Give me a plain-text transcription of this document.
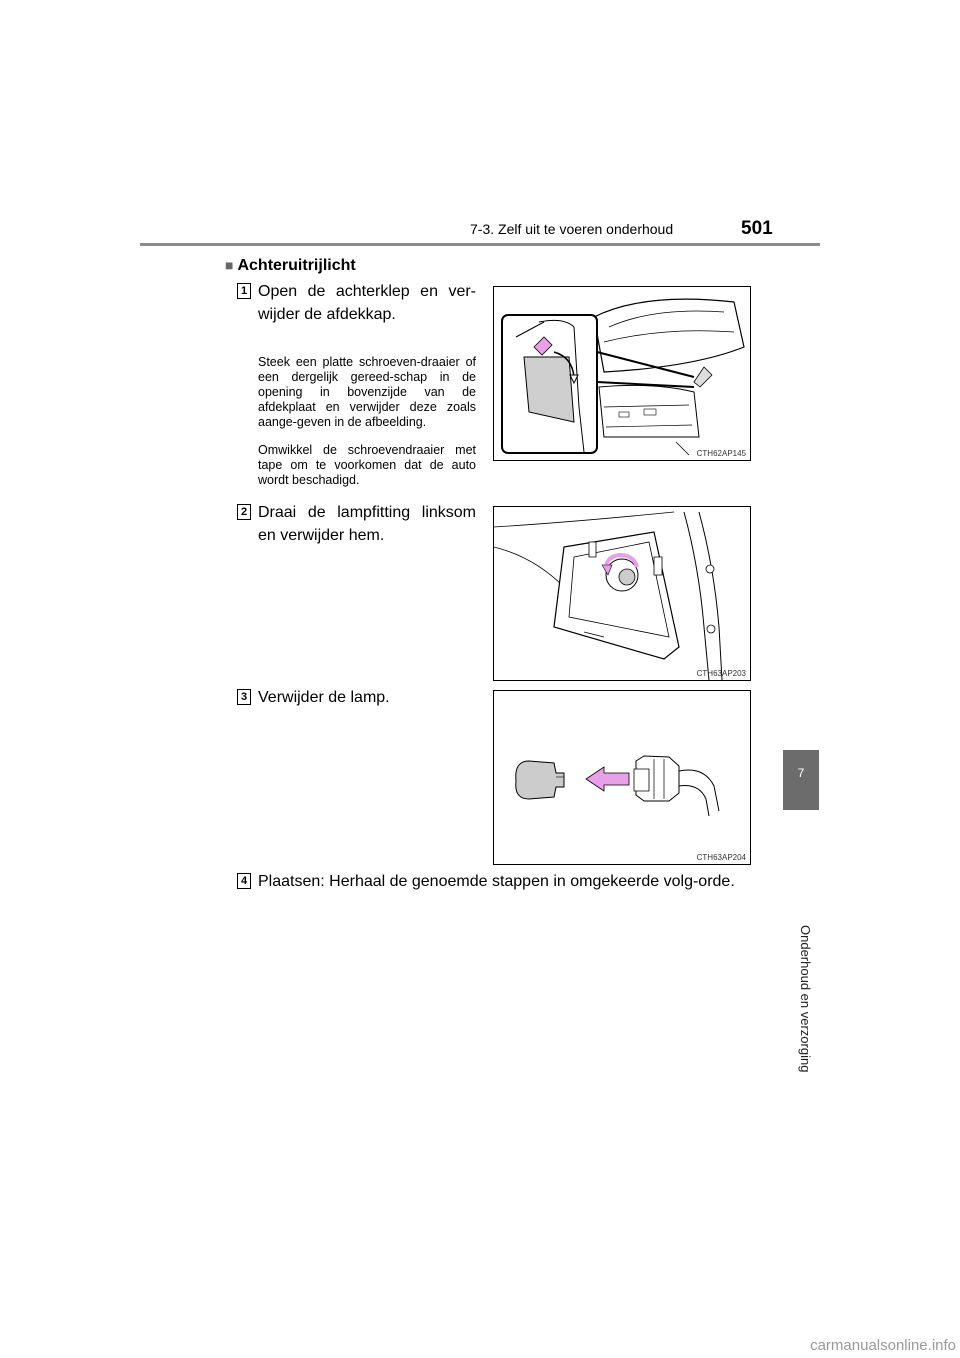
7-3. Zelf uit te voeren onderhoud	501
7
Onderhoud en verzorging
■ Achteruitrijlicht
1 Open de achterklep en ver-wijder de afdekkap.
Steek een platte schroeven-draaier of een dergelijk gereed-schap in de opening in bovenzijde van de afdekplaat en verwijder deze zoals aange-geven in de afbeelding.
Omwikkel de schroevendraaier met tape om te voorkomen dat de auto wordt beschadigd.
CTH62AP145
2 Draai de lampfitting linksom en verwijder hem.
CTH63AP203
3 Verwijder de lamp.
CTH63AP204
4 Plaatsen: Herhaal de genoemde stappen in omgekeerde volg-orde.
carmanualsonline.info
